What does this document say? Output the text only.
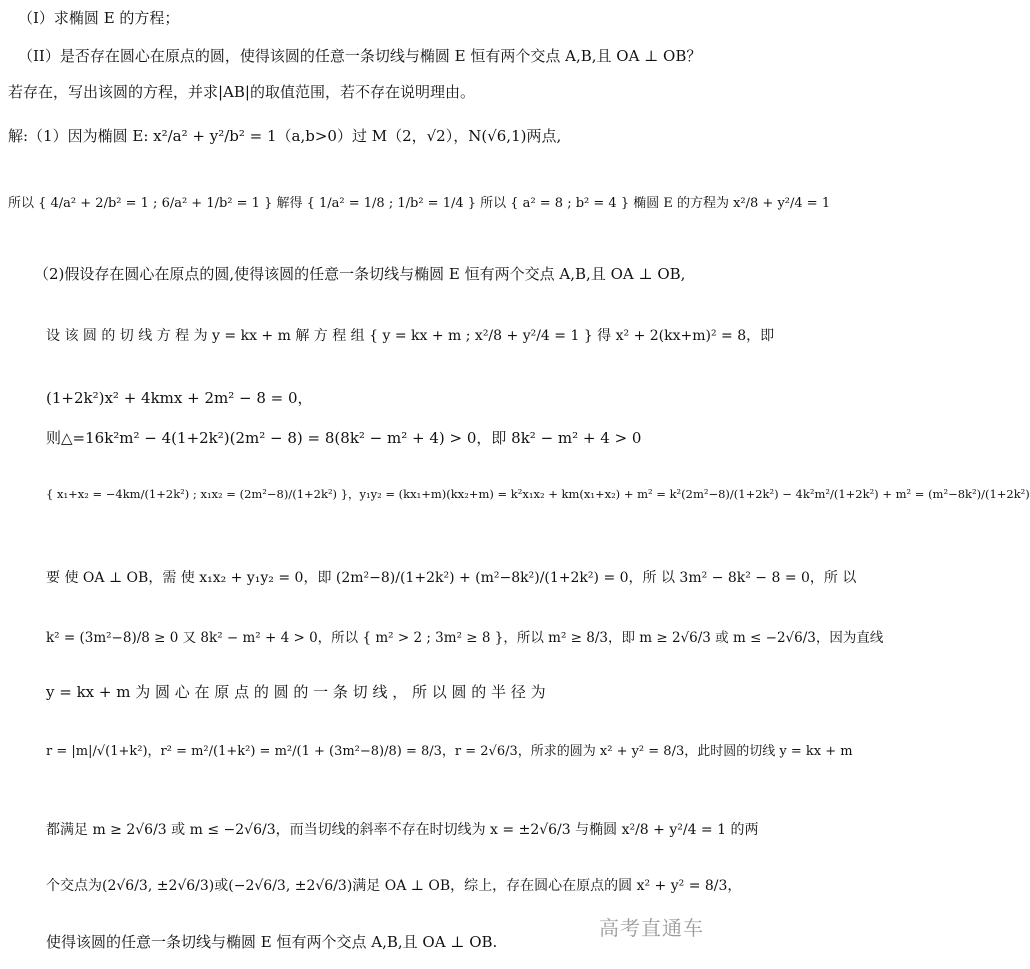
（I）求椭圆 E 的方程；
（II）是否存在圆心在原点的圆，使得该圆的任意一条切线与椭圆 E 恒有两个交点 A,B,且 OA ⊥ OB？
若存在，写出该圆的方程，并求|AB|的取值范围，若不存在说明理由。
解:（1）因为椭圆 E: x²/a² + y²/b² = 1（a,b>0）过 M（2，√2），N(√6,1)两点,
所以 { 4/a² + 2/b² = 1 ; 6/a² + 1/b² = 1 } 解得 { 1/a² = 1/8 ; 1/b² = 1/4 } 所以 { a² = 8 ; b² = 4 } 椭圆 E 的方程为 x²/8 + y²/4 = 1
（2)假设存在圆心在原点的圆,使得该圆的任意一条切线与椭圆 E 恒有两个交点 A,B,且 OA ⊥ OB,
设 该 圆 的 切 线 方 程 为 y = kx + m 解 方 程 组 { y = kx + m ; x²/8 + y²/4 = 1 } 得 x² + 2(kx+m)² = 8，即
(1+2k²)x² + 4kmx + 2m² − 8 = 0，
则△=16k²m² − 4(1+2k²)(2m² − 8) = 8(8k² − m² + 4) > 0，即 8k² − m² + 4 > 0
{ x₁+x₂ = −4km/(1+2k²) ; x₁x₂ = (2m²−8)/(1+2k²) }，y₁y₂ = (kx₁+m)(kx₂+m) = k²x₁x₂ + km(x₁+x₂) + m² = k²(2m²−8)/(1+2k²) − 4k²m²/(1+2k²) + m² = (m²−8k²)/(1+2k²)
要 使 OA ⊥ OB，需 使 x₁x₂ + y₁y₂ = 0，即 (2m²−8)/(1+2k²) + (m²−8k²)/(1+2k²) = 0，所 以 3m² − 8k² − 8 = 0，所 以
k² = (3m²−8)/8 ≥ 0 又 8k² − m² + 4 > 0，所以 { m² > 2 ; 3m² ≥ 8 }，所以 m² ≥ 8/3，即 m ≥ 2√6/3 或 m ≤ −2√6/3，因为直线
y = kx + m 为 圆 心 在 原 点 的 圆 的 一 条 切 线 ， 所 以 圆 的 半 径 为
r = |m|/√(1+k²)，r² = m²/(1+k²) = m²/(1 + (3m²−8)/8) = 8/3，r = 2√6/3，所求的圆为 x² + y² = 8/3，此时圆的切线 y = kx + m
都满足 m ≥ 2√6/3 或 m ≤ −2√6/3，而当切线的斜率不存在时切线为 x = ±2√6/3 与椭圆 x²/8 + y²/4 = 1 的两
个交点为(2√6/3, ±2√6/3)或(−2√6/3, ±2√6/3)满足 OA ⊥ OB，综上，存在圆心在原点的圆 x² + y² = 8/3，
使得该圆的任意一条切线与椭圆 E 恒有两个交点 A,B,且 OA ⊥ OB.
高考直通车
